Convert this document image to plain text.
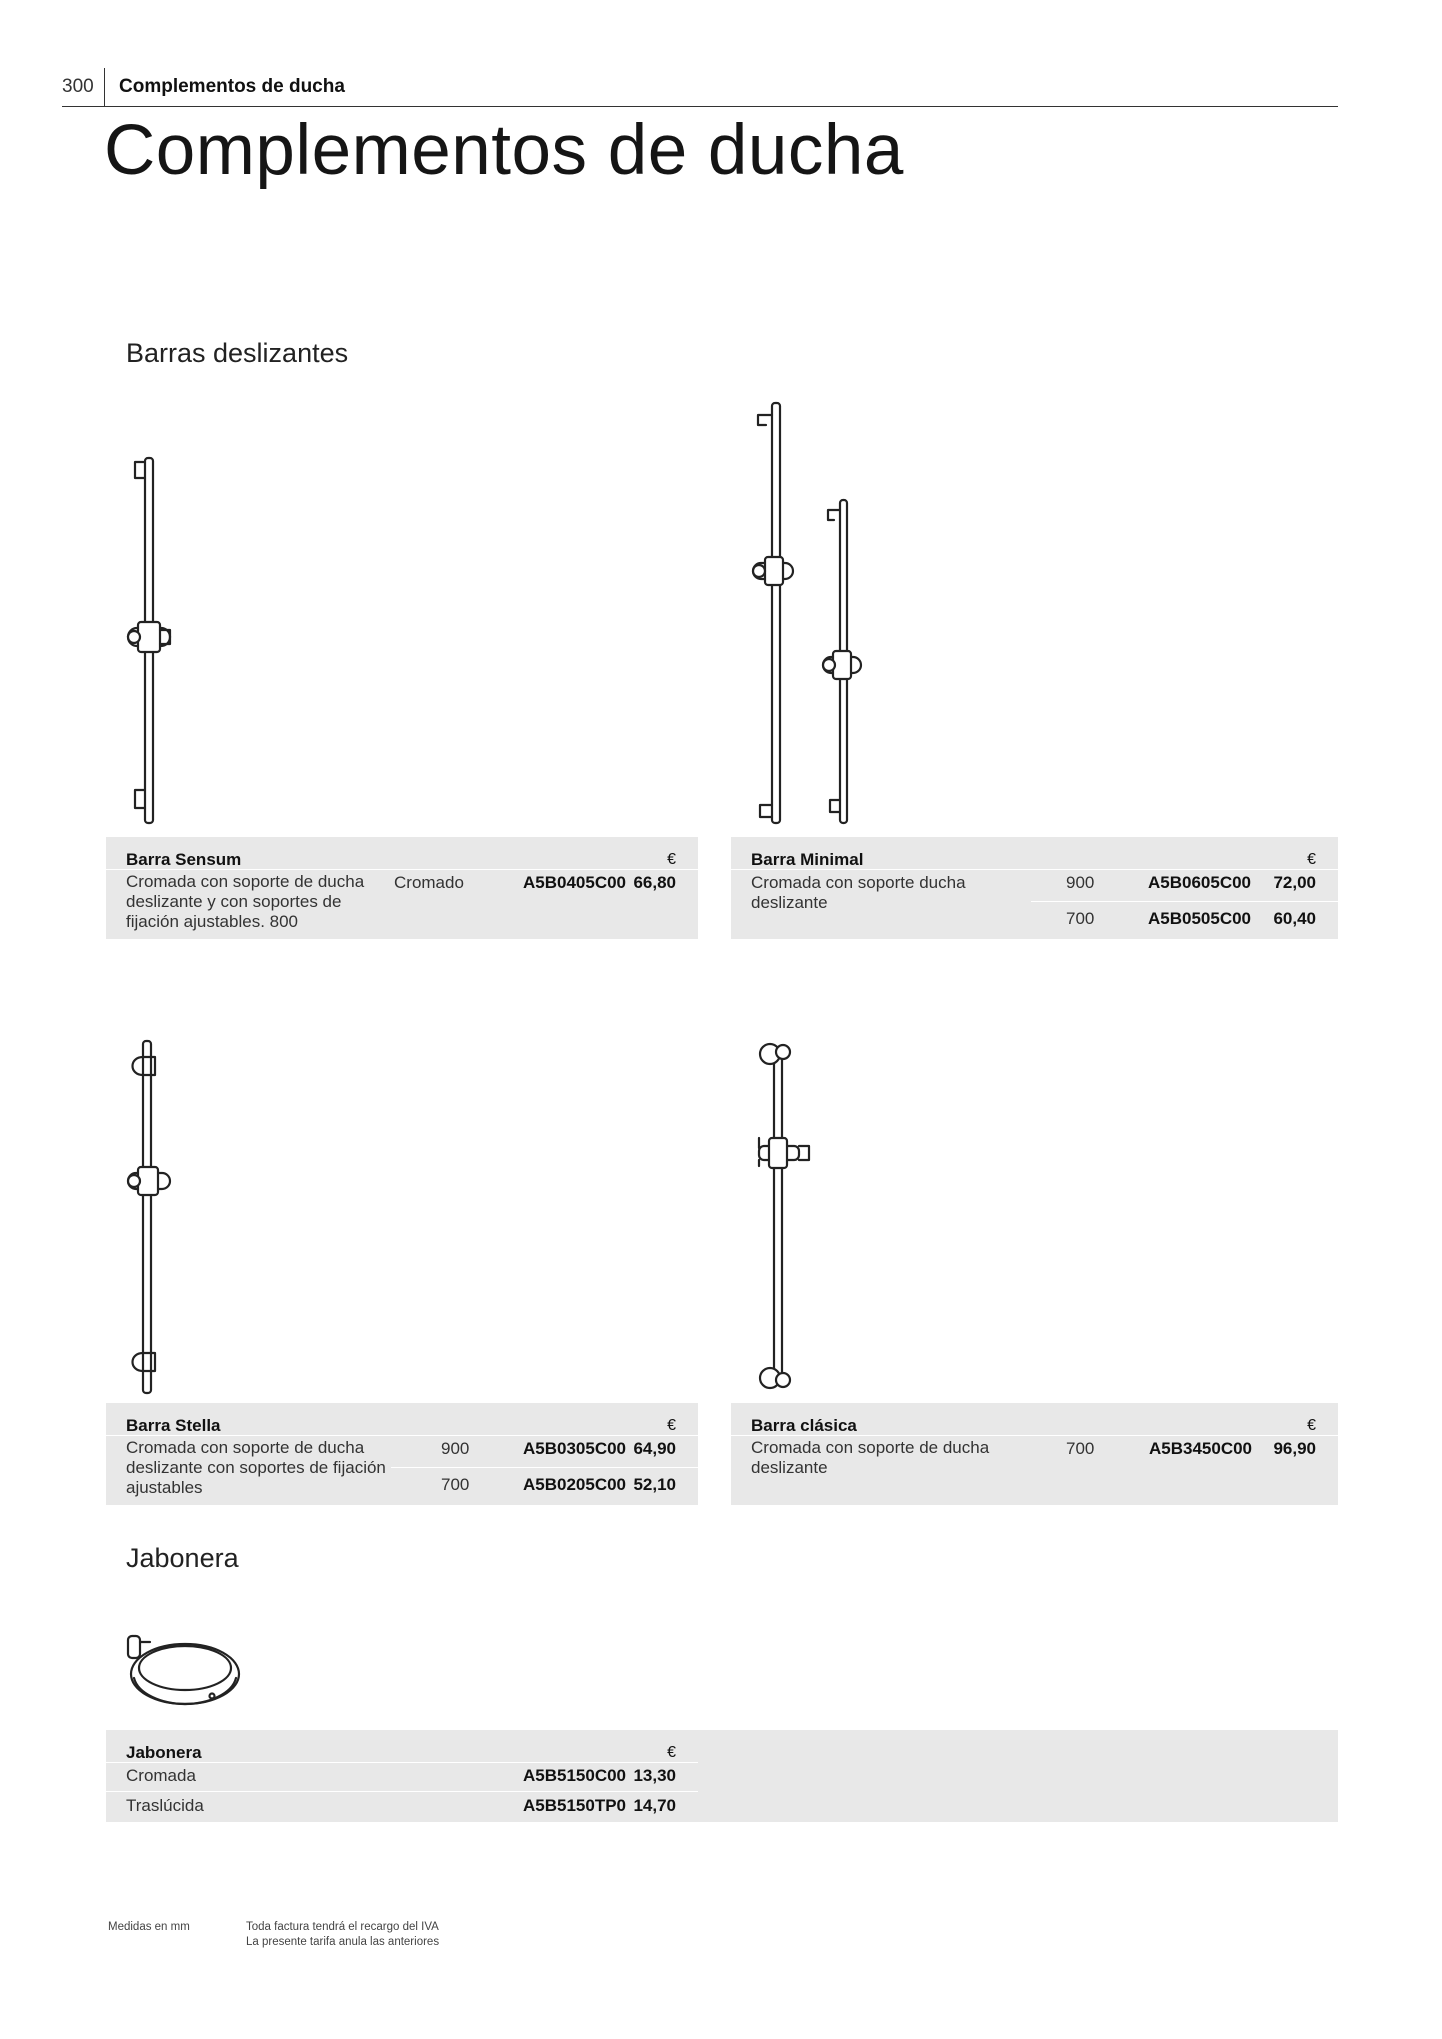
300 Complementos de ducha
Complementos de ducha
Barras deslizantes
Barra Sensum	€
Cromada con soporte de ducha deslizante y con soportes de fijación ajustables. 800
Cromado	A5B0405C00 66,80
Barra Minimal	€
Cromada con soporte ducha deslizante
900	A5B0605C00 72,00
700	A5B0505C00 60,40
Barra Stella	€
Cromada con soporte de ducha deslizante con soportes de fijación ajustables
900	A5B0305C00 64,90
700	A5B0205C00 52,10
Barra clásica	€
Cromada con soporte de ducha deslizante
700	A5B3450C00 96,90
Jabonera
Jabonera	€
Cromada	A5B5150C00 13,30
Traslúcida	A5B5150TP0 14,70
Medidas en mm	Toda factura tendrá el recargo del IVA
La presente tarifa anula las anteriores
